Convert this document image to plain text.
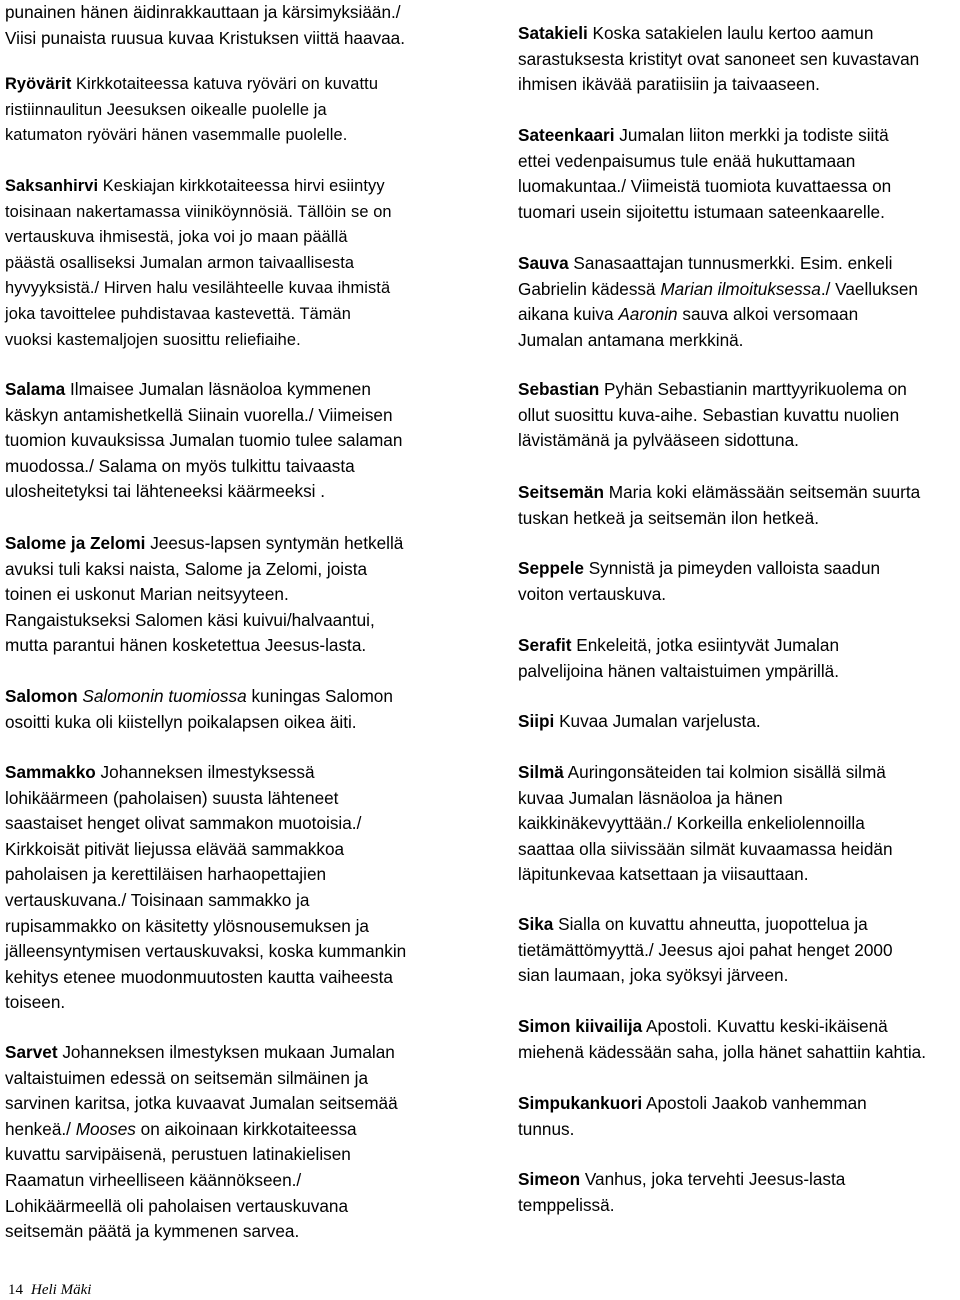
punainen hänen äidinrakkauttaan ja kärsimyksiään./
Viisi punaista ruusua kuvaa Kristuksen viittä haavaa.

Ryövärit Kirkkotaiteessa katuva ryöväri on kuvattu
ristiinnaulitun Jeesuksen oikealle puolelle ja
katumaton ryöväri hänen vasemmalle puolelle.

Saksanhirvi Keskiajan kirkkotaiteessa hirvi esiintyy
toisinaan nakertamassa viiniköynnösiä. Tällöin se on
vertauskuva ihmisestä, joka voi jo maan päällä
päästä osalliseksi Jumalan armon taivaallisesta
hyvyyksistä./ Hirven halu vesilähteelle kuvaa ihmistä
joka tavoittelee puhdistavaa kastevettä. Tämän
vuoksi kastemaljojen suosittu reliefiaihe.

Salama Ilmaisee Jumalan läsnäoloa kymmenen
käskyn antamishetkellä Siinain vuorella./ Viimeisen
tuomion kuvauksissa Jumalan tuomio tulee salaman
muodossa./ Salama on myös tulkittu taivaasta
ulosheitetyksi tai lähteneeksi käärmeeksi .

Salome ja Zelomi Jeesus-lapsen syntymän hetkellä
avuksi tuli kaksi naista, Salome ja Zelomi, joista
toinen ei uskonut Marian neitsyyteen.
Rangaistukseksi Salomen käsi kuivui/halvaantui,
mutta parantui hänen kosketettua Jeesus-lasta.

Salomon Salomonin tuomiossa kuningas Salomon
osoitti kuka oli kiistellyn poikalapsen oikea äiti.

Sammakko Johanneksen ilmestyksessä
lohikäärmeen (paholaisen) suusta lähteneet
saastaiset henget olivat sammakon muotoisia./
Kirkkoisät pitivät liejussa elävää sammakkoa
paholaisen ja kerettiläisen harhaopettajien
vertauskuvana./ Toisinaan sammakko ja
rupisammakko on käsitetty ylösnousemuksen ja
jälleensyntymisen vertauskuvaksi, koska kummankin
kehitys etenee muodonmuutosten kautta vaiheesta
toiseen.

Sarvet Johanneksen ilmestyksen mukaan Jumalan
valtaistuimen edessä on seitsemän silmäinen ja
sarvinen karitsa, jotka kuvaavat Jumalan seitsemää
henkeä./ Mooses on aikoinaan kirkkotaiteessa
kuvattu sarvipäisenä, perustuen latinakielisen
Raamatun virheelliseen käännökseen./
Lohikäärmeellä oli paholaisen vertauskuvana
seitsemän päätä ja kymmenen sarvea.

Satakieli Koska satakielen laulu kertoo aamun
sarastuksesta kristityt ovat sanoneet sen kuvastavan
ihmisen ikävää paratiisiin ja taivaaseen.

Sateenkaari Jumalan liiton merkki ja todiste siitä
ettei vedenpaisumus tule enää hukuttamaan
luomakuntaa./ Viimeistä tuomiota kuvattaessa on
tuomari usein sijoitettu istumaan sateenkaarelle.

Sauva Sanasaattajan tunnusmerkki. Esim. enkeli
Gabrielin kädessä Marian ilmoituksessa./ Vaelluksen
aikana kuiva Aaronin sauva alkoi versomaan
Jumalan antamana merkkinä.

Sebastian Pyhän Sebastianin marttyyrikuolema on
ollut suosittu kuva-aihe. Sebastian kuvattu nuolien
lävistämänä ja pylvääseen sidottuna.

Seitsemän Maria koki elämässään seitsemän suurta
tuskan hetkeä ja seitsemän ilon hetkeä.

Seppele Synnistä ja pimeyden valloista saadun
voiton vertauskuva.

Serafit Enkeleitä, jotka esiintyvät Jumalan
palvelijoina hänen valtaistuimen ympärillä.

Siipi Kuvaa Jumalan varjelusta.

Silmä Auringonsäteiden tai kolmion sisällä silmä
kuvaa Jumalan läsnäoloa ja hänen
kaikkinäkevyyttään./ Korkeilla enkeliolennoilla
saattaa olla siivissään silmät kuvaamassa heidän
läpitunkevaa katsettaan ja viisauttaan.

Sika Sialla on kuvattu ahneutta, juopottelua ja
tietämättömyyttä./ Jeesus ajoi pahat henget 2000
sian laumaan, joka syöksyi järveen.

Simon kiivailija Apostoli. Kuvattu keski-ikäisenä
miehenä kädessään saha, jolla hänet sahattiin kahtia.

Simpukankuori Apostoli Jaakob vanhemman
tunnus.

Simeon Vanhus, joka tervehti Jeesus-lasta
temppelissä.

14 Heli Mäki
